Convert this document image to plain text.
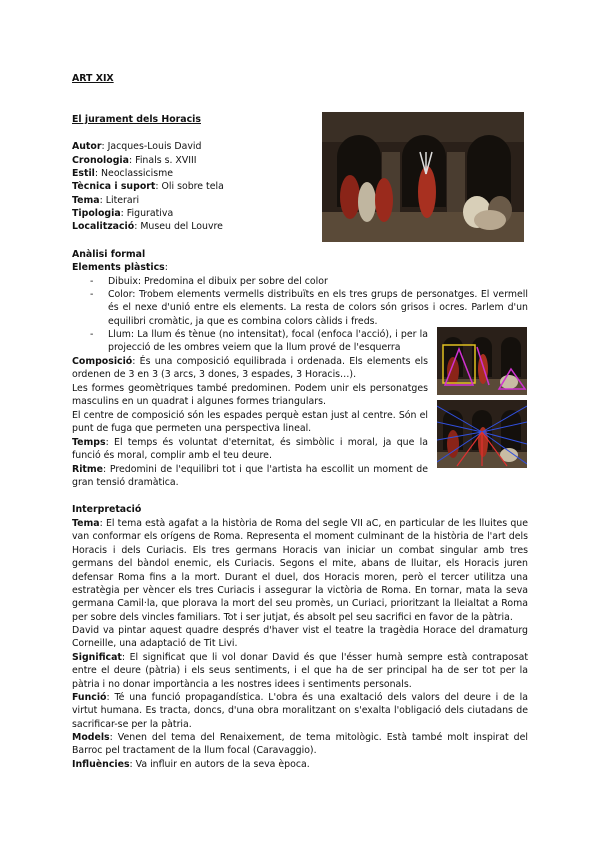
ART XIX
El jurament dels Horacis
Autor: Jacques-Louis David
Cronologia: Finals s. XVIII
Estil: Neoclassicisme
Tècnica i suport: Oli sobre tela
Tema: Literari
Tipologia: Figurativa
Localització: Museu del Louvre
Anàlisi formal
Elements plàstics:
- Dibuix: Predomina el dibuix per sobre del color
- Color: Trobem elements vermells distribuïts en els tres grups de personatges. El vermell és el nexe d'unió entre els elements. La resta de colors són grisos i ocres. Parlem d'un equilibri cromàtic, ja que es combina colors càlids i freds.
- Llum: La llum és tènue (no intensitat), focal (enfoca l'acció), i per la projecció de les ombres veiem que la llum prové de l'esquerra
Composició: És una composició equilibrada i ordenada. Els elements els ordenen de 3 en 3 (3 arcs, 3 dones, 3 espades, 3 Horacis…).
Les formes geomètriques també predominen. Podem unir els personatges masculins en un quadrat i algunes formes triangulars.
El centre de composició són les espades perquè estan just al centre. Són el punt de fuga que permeten una perspectiva lineal.
Temps: El temps és voluntat d'eternitat, és simbòlic i moral, ja que la funció és moral, complir amb el teu deure.
Ritme: Predomini de l'equilibri tot i que l'artista ha escollit un moment de gran tensió dramàtica.
Interpretació
Tema: El tema està agafat a la història de Roma del segle VII aC, en particular de les lluites que van conformar els orígens de Roma. Representa el moment culminant de la història de l'art dels Horacis i dels Curiacis. Els tres germans Horacis van iniciar un combat singular amb tres germans del bàndol enemic, els Curiacis. Segons el mite, abans de lluitar, els Horacis juren defensar Roma fins a la mort. Durant el duel, dos Horacis moren, però el tercer utilitza una estratègia per vèncer els tres Curiacis i assegurar la victòria de Roma. En tornar, mata la seva germana Camil·la, que plorava la mort del seu promès, un Curiaci, prioritzant la lleialtat a Roma per sobre dels vincles familiars. Tot i ser jutjat, és absolt pel seu sacrifici en favor de la pàtria.
David va pintar aquest quadre després d'haver vist el teatre la tragèdia Horace del dramaturg Corneille, una adaptació de Tit Livi.
Significat: El significat que li vol donar David és que l'ésser humà sempre està contraposat entre el deure (pàtria) i els seus sentiments, i el que ha de ser principal ha de ser tot per la pàtria i no donar importància a les nostres idees i sentiments personals.
Funció: Té una funció propagandística. L'obra és una exaltació dels valors del deure i de la virtut humana. Es tracta, doncs, d'una obra moralitzant on s'exalta l'obligació dels ciutadans de sacrificar-se per la pàtria.
Models: Venen del tema del Renaixement, de tema mitològic. Està també molt inspirat del Barroc pel tractament de la llum focal (Caravaggio).
Influències: Va influir en autors de la seva època.
